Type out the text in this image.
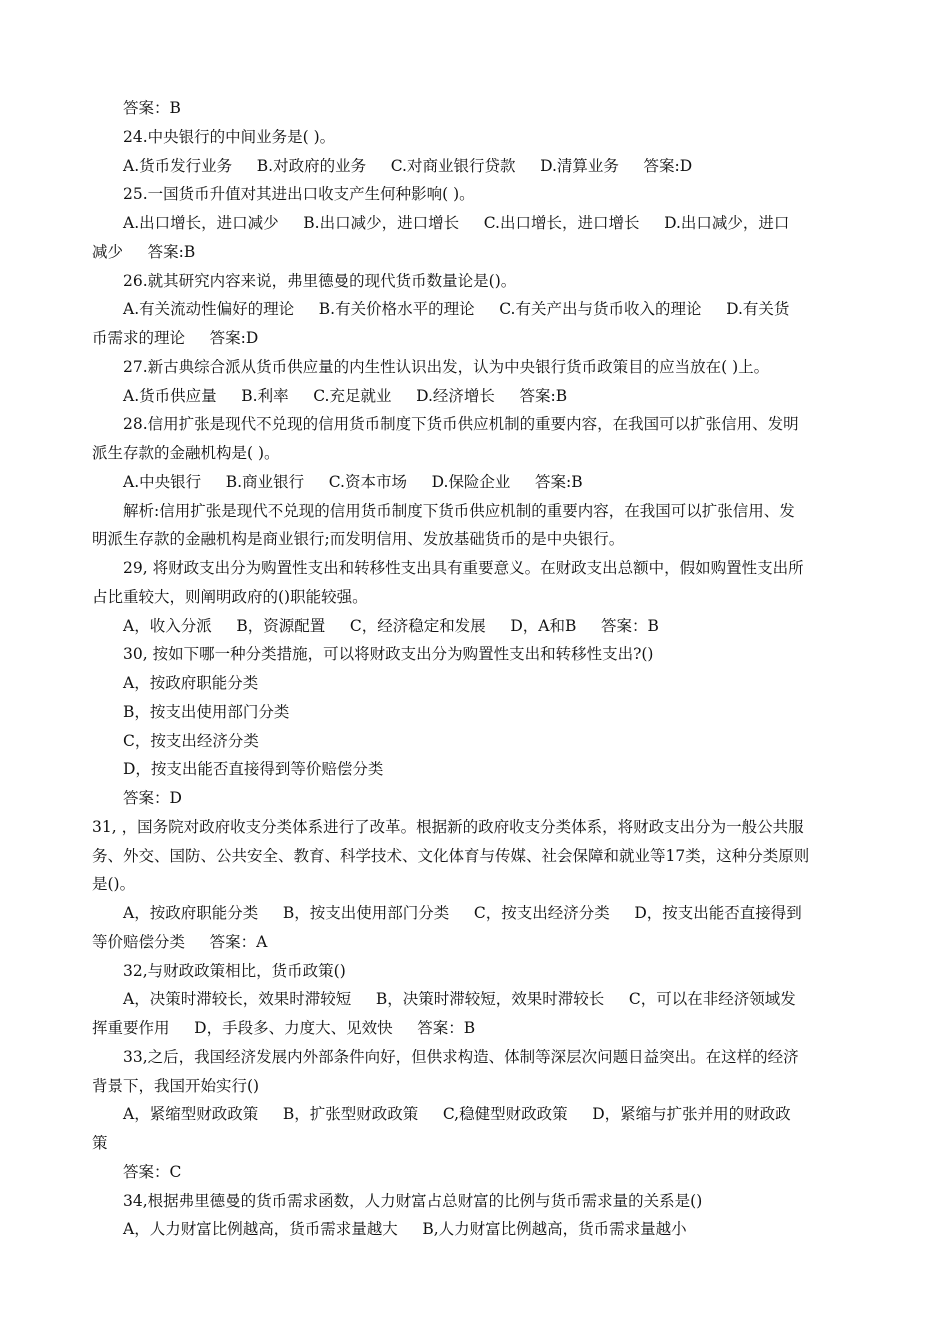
答案：B

24.中央银行的中间业务是( )。

A.货币发行业务     B.对政府的业务     C.对商业银行贷款     D.清算业务     答案:D

25.一国货币升值对其进出口收支产生何种影响( )。

A.出口增长，进口减少     B.出口减少，进口增长     C.出口增长，进口增长     D.出口减少，进口

减少     答案:B

26.就其研究内容来说，弗里德曼的现代货币数量论是()。

A.有关流动性偏好的理论     B.有关价格水平的理论     C.有关产出与货币收入的理论     D.有关货

币需求的理论     答案:D

27.新古典综合派从货币供应量的内生性认识出发，认为中央银行货币政策目的应当放在( )上。

A.货币供应量     B.利率     C.充足就业     D.经济增长     答案:B

28.信用扩张是现代不兑现的信用货币制度下货币供应机制的重要内容，在我国可以扩张信用、发明

派生存款的金融机构是( )。

A.中央银行     B.商业银行     C.资本市场     D.保险企业     答案:B

解析:信用扩张是现代不兑现的信用货币制度下货币供应机制的重要内容，在我国可以扩张信用、发

明派生存款的金融机构是商业银行;而发明信用、发放基础货币的是中央银行。

29, 将财政支出分为购置性支出和转移性支出具有重要意义。在财政支出总额中，假如购置性支出所

占比重较大，则阐明政府的()职能较强。

A，收入分派     B，资源配置     C，经济稳定和发展     D，A和B     答案：B

30, 按如下哪一种分类措施，可以将财政支出分为购置性支出和转移性支出?()

A，按政府职能分类

B，按支出使用部门分类

C，按支出经济分类

D，按支出能否直接得到等价赔偿分类

答案：D

31, ，国务院对政府收支分类体系进行了改革。根据新的政府收支分类体系，将财政支出分为一般公共服

务、外交、国防、公共安全、教育、科学技术、文化体育与传媒、社会保障和就业等17类，这种分类原则

是()。

A，按政府职能分类     B，按支出使用部门分类     C，按支出经济分类     D，按支出能否直接得到

等价赔偿分类     答案：A

32,与财政政策相比，货币政策()

A，决策时滞较长，效果时滞较短     B，决策时滞较短，效果时滞较长     C，可以在非经济领域发

挥重要作用     D，手段多、力度大、见效快     答案：B

33,之后，我国经济发展内外部条件向好，但供求构造、体制等深层次问题日益突出。在这样的经济

背景下，我国开始实行()

A，紧缩型财政政策     B，扩张型财政政策     C,稳健型财政政策     D，紧缩与扩张并用的财政政

策

答案：C

34,根据弗里德曼的货币需求函数，人力财富占总财富的比例与货币需求量的关系是()

A，人力财富比例越高，货币需求量越大     B,人力财富比例越高，货币需求量越小
